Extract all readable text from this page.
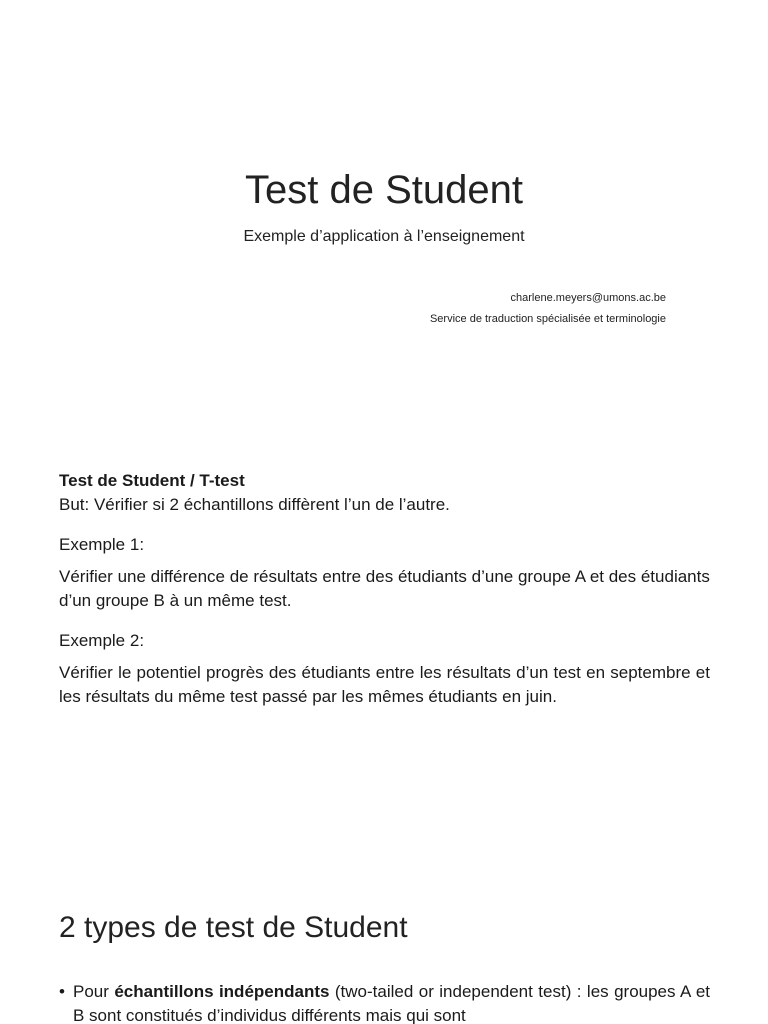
Test de Student
Exemple d’application à l’enseignement
charlene.meyers@umons.ac.be
Service de traduction spécialisée et terminologie

Test de Student / T-test

But: Vérifier si 2 échantillons diffèrent l’un de l’autre.

Exemple 1:

Vérifier une différence de résultats entre des étudiants d’une groupe A et des étudiants d’un groupe B à un même test.

Exemple 2:

Vérifier le potentiel progrès des étudiants entre les résultats d’un test en septembre et les résultats du même test passé par les mêmes étudiants en juin.

2 types de test de Student
• Pour échantillons indépendants (two-tailed or independent test) : les groupes A et B sont constitués d’individus différents mais qui sont
